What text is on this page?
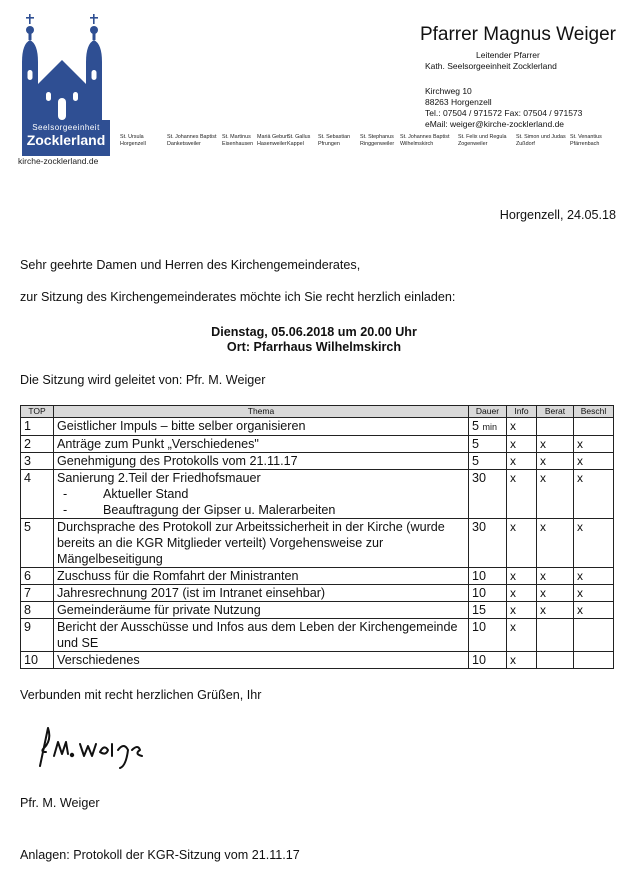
Seelsorgeeinheit
Zocklerland
kirche-zocklerland.de
Pfarrer Magnus Weiger
Leitender Pfarrer
Kath. Seelsorgeeinheit Zocklerland
Kirchweg 10
88263 Horgenzell
Tel.: 07504 / 971572 Fax: 07504 / 971573
eMail: weiger@kirche-zocklerland.de
St. Ursula
Horgenzell
St. Johannes Baptist
Danketsweiler
St. Martinus
Eisenhausen
Mariä Geburt
Hasenweiler
St. Gallus
Kappel
St. Sebastian
Pfrungen
St. Stephanus
Ringgenweiler
St. Johannes Baptist
Wilhelmskirch
St. Felix und Regula
Zogenweiler
St. Simon und Judas
Zußdorf
St. Venantius
Pfärrenbach
Horgenzell, 24.05.18
Sehr geehrte Damen und Herren des Kirchengemeinderates,
zur Sitzung des Kirchengemeinderates möchte ich Sie recht herzlich einladen:
Dienstag, 05.06.2018 um 20.00 Uhr
Ort: Pfarrhaus Wilhelmskirch
Die Sitzung wird geleitet von: Pfr. M. Weiger
TOP	Thema	Dauer	Info	Berat	Beschl
1	Geistlicher Impuls – bitte selber organisieren	5 min	x		
2	Anträge zum Punkt „Verschiedenes"	5	x	x	x
3	Genehmigung des Protokolls vom 21.11.17	5	x	x	x
4	Sanierung 2.Teil der Friedhofsmauer
- Aktueller Stand
- Beauftragung der Gipser u. Malerarbeiten	30	x	x	x
5	Durchsprache des Protokoll zur Arbeitssicherheit in der Kirche (wurde bereits an die KGR Mitglieder verteilt) Vorgehensweise zur Mängelbeseitigung	30	x	x	x
6	Zuschuss für die Romfahrt der Ministranten	10	x	x	x
7	Jahresrechnung 2017 (ist im Intranet einsehbar)	10	x	x	x
8	Gemeinderäume für private Nutzung	15	x	x	x
9	Bericht der Ausschüsse und Infos aus dem Leben der Kirchengemeinde und SE	10	x		
10	Verschiedenes	10	x		
Verbunden mit recht herzlichen Grüßen, Ihr
Pfr. M. Weiger
Anlagen: Protokoll der KGR-Sitzung vom 21.11.17
